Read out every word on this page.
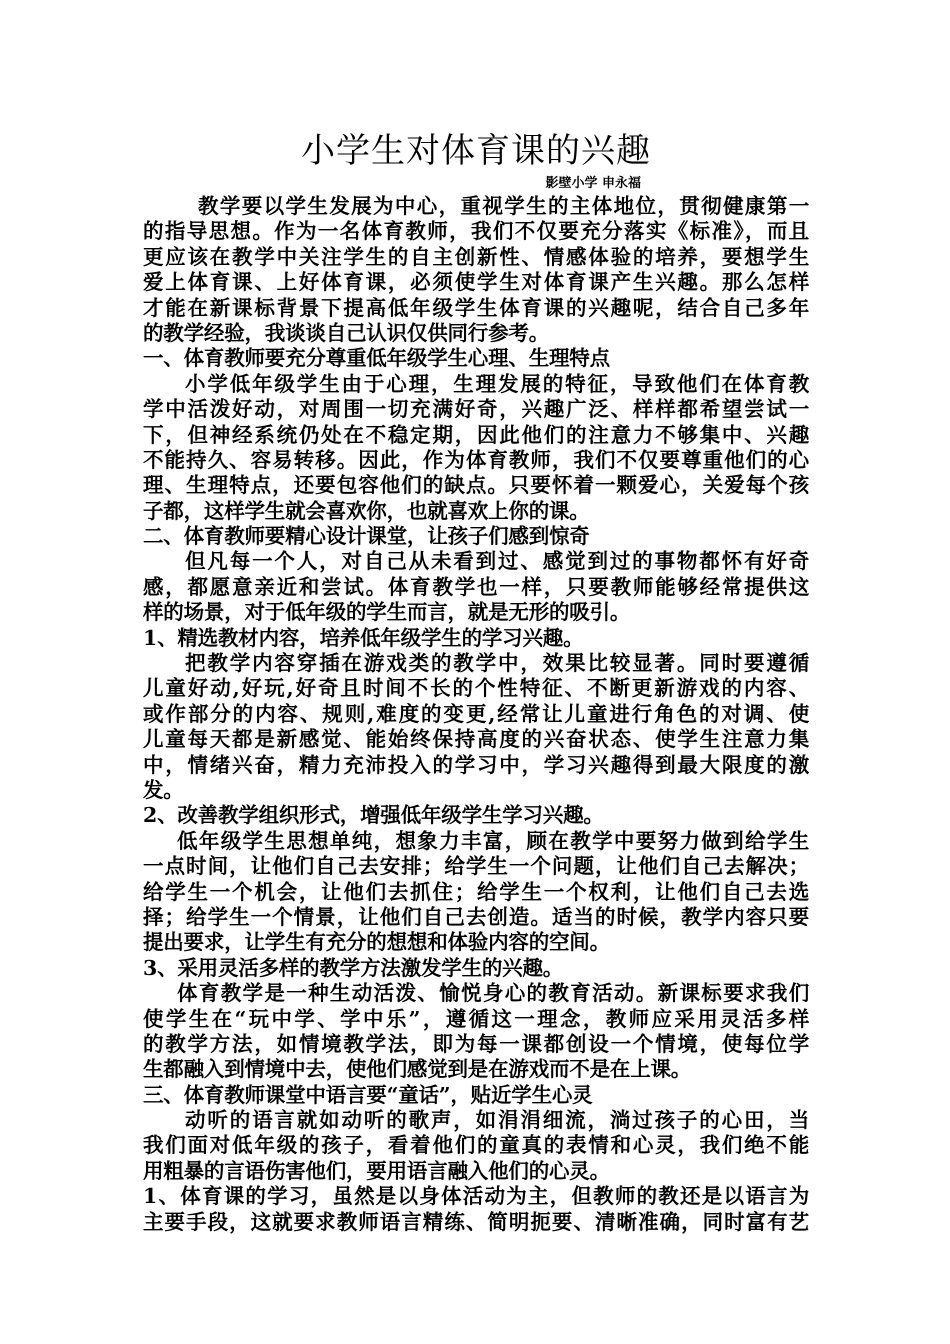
小学生对体育课的兴趣
影壁小学 申永福
教学要以学生发展为中心，重视学生的主体地位，贯彻健康第一
的指导思想。作为一名体育教师，我们不仅要充分落实《标准》，而且
更应该在教学中关注学生的自主创新性、情感体验的培养，要想学生
爱上体育课、上好体育课，必须使学生对体育课产生兴趣。那么怎样
才能在新课标背景下提高低年级学生体育课的兴趣呢，结合自己多年
的教学经验，我谈谈自己认识仅供同行参考。
一、体育教师要充分尊重低年级学生心理、生理特点
小学低年级学生由于心理，生理发展的特征，导致他们在体育教
学中活泼好动，对周围一切充满好奇，兴趣广泛、样样都希望尝试一
下，但神经系统仍处在不稳定期，因此他们的注意力不够集中、兴趣
不能持久、容易转移。因此，作为体育教师，我们不仅要尊重他们的心
理、生理特点，还要包容他们的缺点。只要怀着一颗爱心，关爱每个孩
子都，这样学生就会喜欢你，也就喜欢上你的课。
二、体育教师要精心设计课堂，让孩子们感到惊奇
但凡每一个人，对自己从未看到过、感觉到过的事物都怀有好奇
感，都愿意亲近和尝试。体育教学也一样，只要教师能够经常提供这
样的场景，对于低年级的学生而言，就是无形的吸引。
1、精选教材内容，培养低年级学生的学习兴趣。
把教学内容穿插在游戏类的教学中，效果比较显著。同时要遵循
儿童好动,好玩,好奇且时间不长的个性特征、不断更新游戏的内容、
或作部分的内容、规则,难度的变更,经常让儿童进行角色的对调、使
儿童每天都是新感觉、能始终保持高度的兴奋状态、使学生注意力集
中，情绪兴奋，精力充沛投入的学习中，学习兴趣得到最大限度的激
发。
2、改善教学组织形式，增强低年级学生学习兴趣。
低年级学生思想单纯，想象力丰富，顾在教学中要努力做到给学生
一点时间，让他们自己去安排；给学生一个问题，让他们自己去解决；
给学生一个机会，让他们去抓住；给学生一个权利，让他们自己去选
择；给学生一个情景，让他们自己去创造。适当的时候，教学内容只要
提出要求，让学生有充分的想想和体验内容的空间。
3、采用灵活多样的教学方法激发学生的兴趣。
体育教学是一种生动活泼、愉悦身心的教育活动。新课标要求我们
使学生在“玩中学、学中乐”，遵循这一理念，教师应采用灵活多样
的教学方法，如情境教学法，即为每一课都创设一个情境，使每位学
生都融入到情境中去，使他们感觉到是在游戏而不是在上课。
三、体育教师课堂中语言要“童话”，贴近学生心灵
动听的语言就如动听的歌声，如涓涓细流，淌过孩子的心田，当
我们面对低年级的孩子，看着他们的童真的表情和心灵，我们绝不能
用粗暴的言语伤害他们，要用语言融入他们的心灵。
1、体育课的学习，虽然是以身体活动为主，但教师的教还是以语言为
主要手段，这就要求教师语言精练、简明扼要、清晰准确，同时富有艺
